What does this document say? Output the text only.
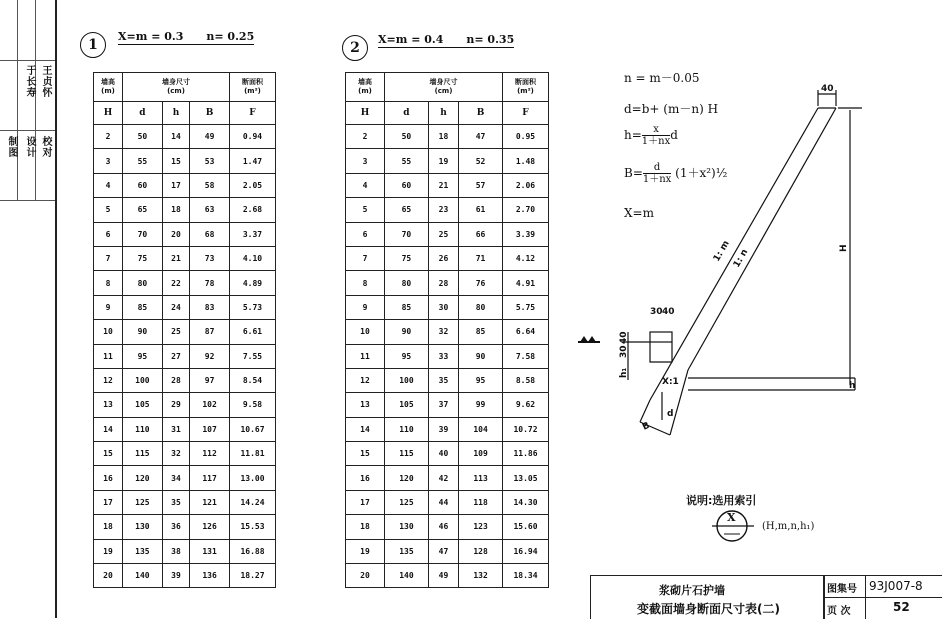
王贞怀
于长寿
校对
设计
制图
1
X=m = 0.3      n= 0.25
墙高
(m)	墙身尺寸
(cm)			断面积
(m²)
H	d	h	B	F
2	50	14	49	0.94
3	55	15	53	1.47
4	60	17	58	2.05
5	65	18	63	2.68
6	70	20	68	3.37
7	75	21	73	4.10
8	80	22	78	4.89
9	85	24	83	5.73
10	90	25	87	6.61
11	95	27	92	7.55
12	100	28	97	8.54
13	105	29	102	9.58
14	110	31	107	10.67
15	115	32	112	11.81
16	120	34	117	13.00
17	125	35	121	14.24
18	130	36	126	15.53
19	135	38	131	16.88
20	140	39	136	18.27
2
X=m = 0.4      n= 0.35
墙高
(m)	墙身尺寸
(cm)			断面积
(m²)
H	d	h	B	F
2	50	18	47	0.95
3	55	19	52	1.48
4	60	21	57	2.06
5	65	23	61	2.70
6	70	25	66	3.39
7	75	26	71	4.12
8	80	28	76	4.91
9	85	30	80	5.75
10	90	32	85	6.64
11	95	33	90	7.58
12	100	35	95	8.58
13	105	37	99	9.62
14	110	39	104	10.72
15	115	40	109	11.86
16	120	42	113	13.05
17	125	44	118	14.30
18	130	46	123	15.60
19	135	47	128	16.94
20	140	49	132	18.34
n = m－0.05
d=b+ (m－n) H
$h= \frac{x}{1+nx}$ d
$B= \frac{d}{1+nx}$ (1＋x²)½
X=m
40
H
1: m 1: n
30 40
30
40
h₁
X:1	h
d
B
说明:选用索引
X
(H,m,n,h₁)
浆砌片石护墙
变截面墙身断面尺寸表(二)
图集号 93J007-8
页 次	52
